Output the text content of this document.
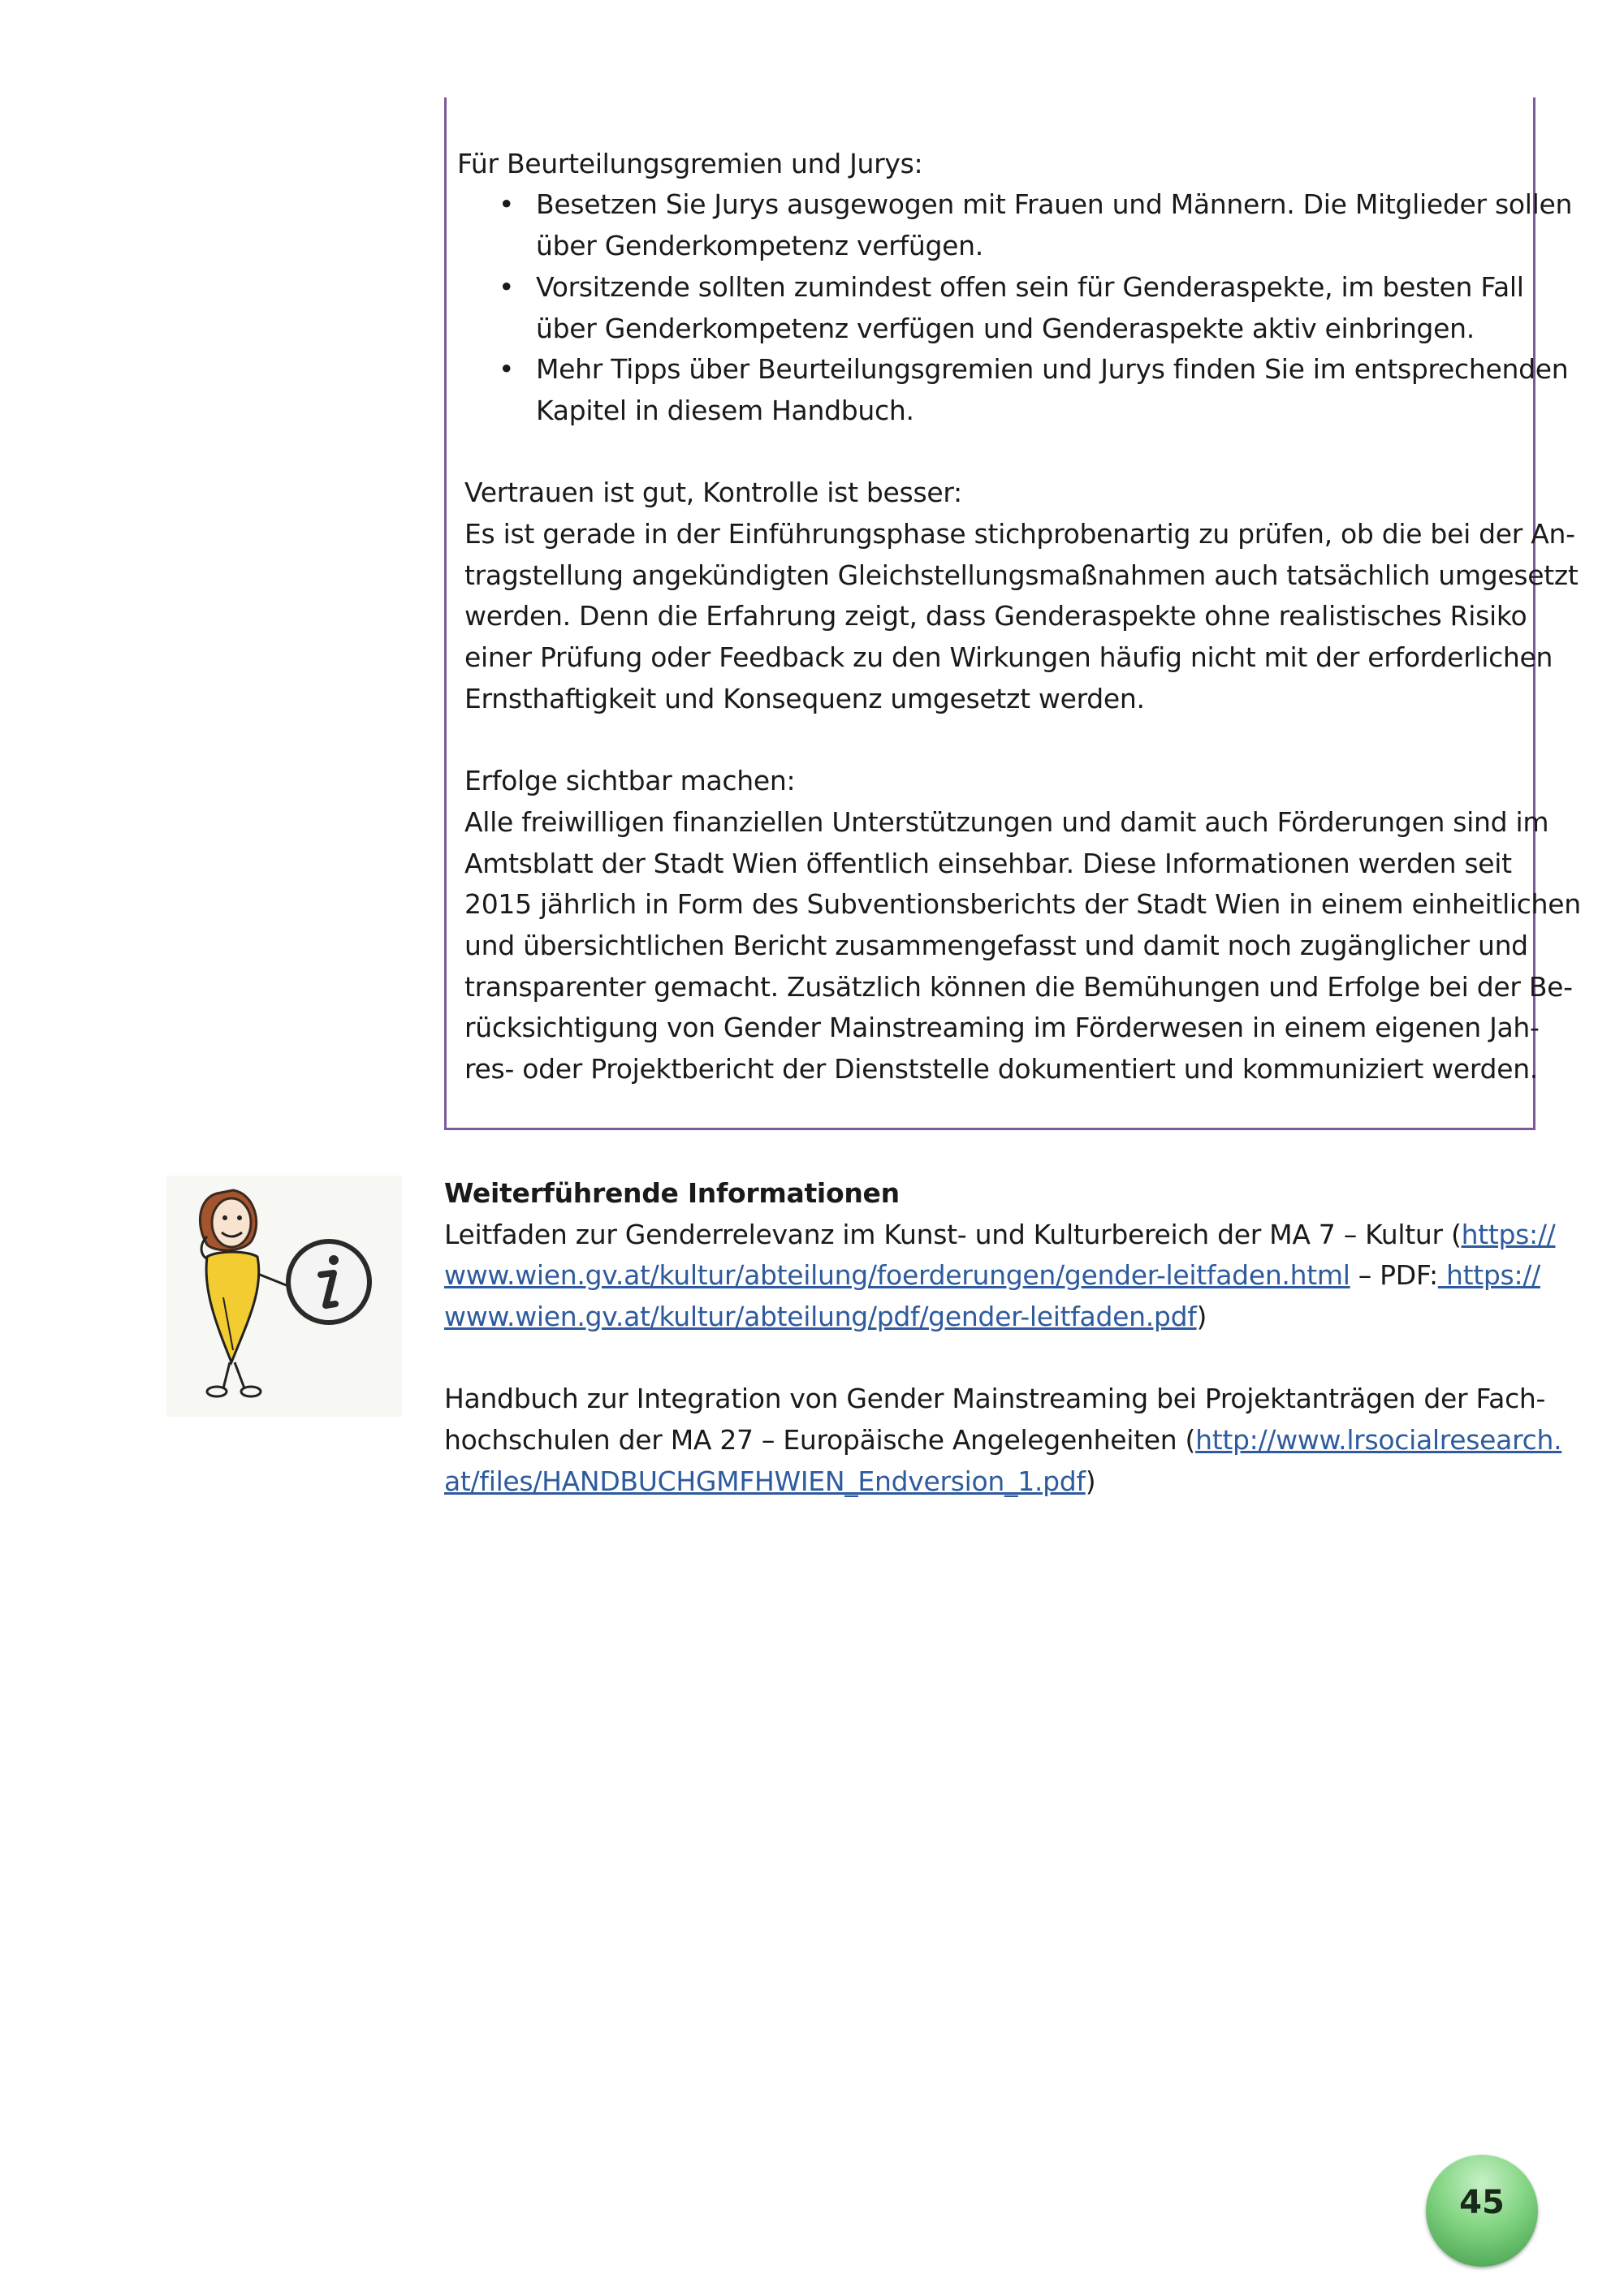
Für Beurteilungsgremien und Jurys:
• Besetzen Sie Jurys ausgewogen mit Frauen und Männern. Die Mitglieder sollen
über Genderkompetenz verfügen.
• Vorsitzende sollten zumindest offen sein für Genderaspekte, im besten Fall
über Genderkompetenz verfügen und Genderaspekte aktiv einbringen.
• Mehr Tipps über Beurteilungsgremien und Jurys finden Sie im entsprechenden
Kapitel in diesem Handbuch.
Vertrauen ist gut, Kontrolle ist besser:
Es ist gerade in der Einführungsphase stichprobenartig zu prüfen, ob die bei der An-
tragstellung angekündigten Gleichstellungsmaßnahmen auch tatsächlich umgesetzt
werden. Denn die Erfahrung zeigt, dass Genderaspekte ohne realistisches Risiko
einer Prüfung oder Feedback zu den Wirkungen häufig nicht mit der erforderlichen
Ernsthaftigkeit und Konsequenz umgesetzt werden.
Erfolge sichtbar machen:
Alle freiwilligen finanziellen Unterstützungen und damit auch Förderungen sind im
Amtsblatt der Stadt Wien öffentlich einsehbar. Diese Informationen werden seit
2015 jährlich in Form des Subventionsberichts der Stadt Wien in einem einheitlichen
und übersichtlichen Bericht zusammengefasst und damit noch zugänglicher und
transparenter gemacht. Zusätzlich können die Bemühungen und Erfolge bei der Be-
rücksichtigung von Gender Mainstreaming im Förderwesen in einem eigenen Jah-
res- oder Projektbericht der Dienststelle dokumentiert und kommuniziert werden.
Weiterführende Informationen
Leitfaden zur Genderrelevanz im Kunst- und Kulturbereich der MA 7 – Kultur (https://
www.wien.gv.at/kultur/abteilung/foerderungen/gender-leitfaden.html – PDF: https://
www.wien.gv.at/kultur/abteilung/pdf/gender-leitfaden.pdf)
Handbuch zur Integration von Gender Mainstreaming bei Projektanträgen der Fach-
hochschulen der MA 27 – Europäische Angelegenheiten (http://www.lrsocialresearch.
at/files/HANDBUCHGMFHWIEN_Endversion_1.pdf)
45
